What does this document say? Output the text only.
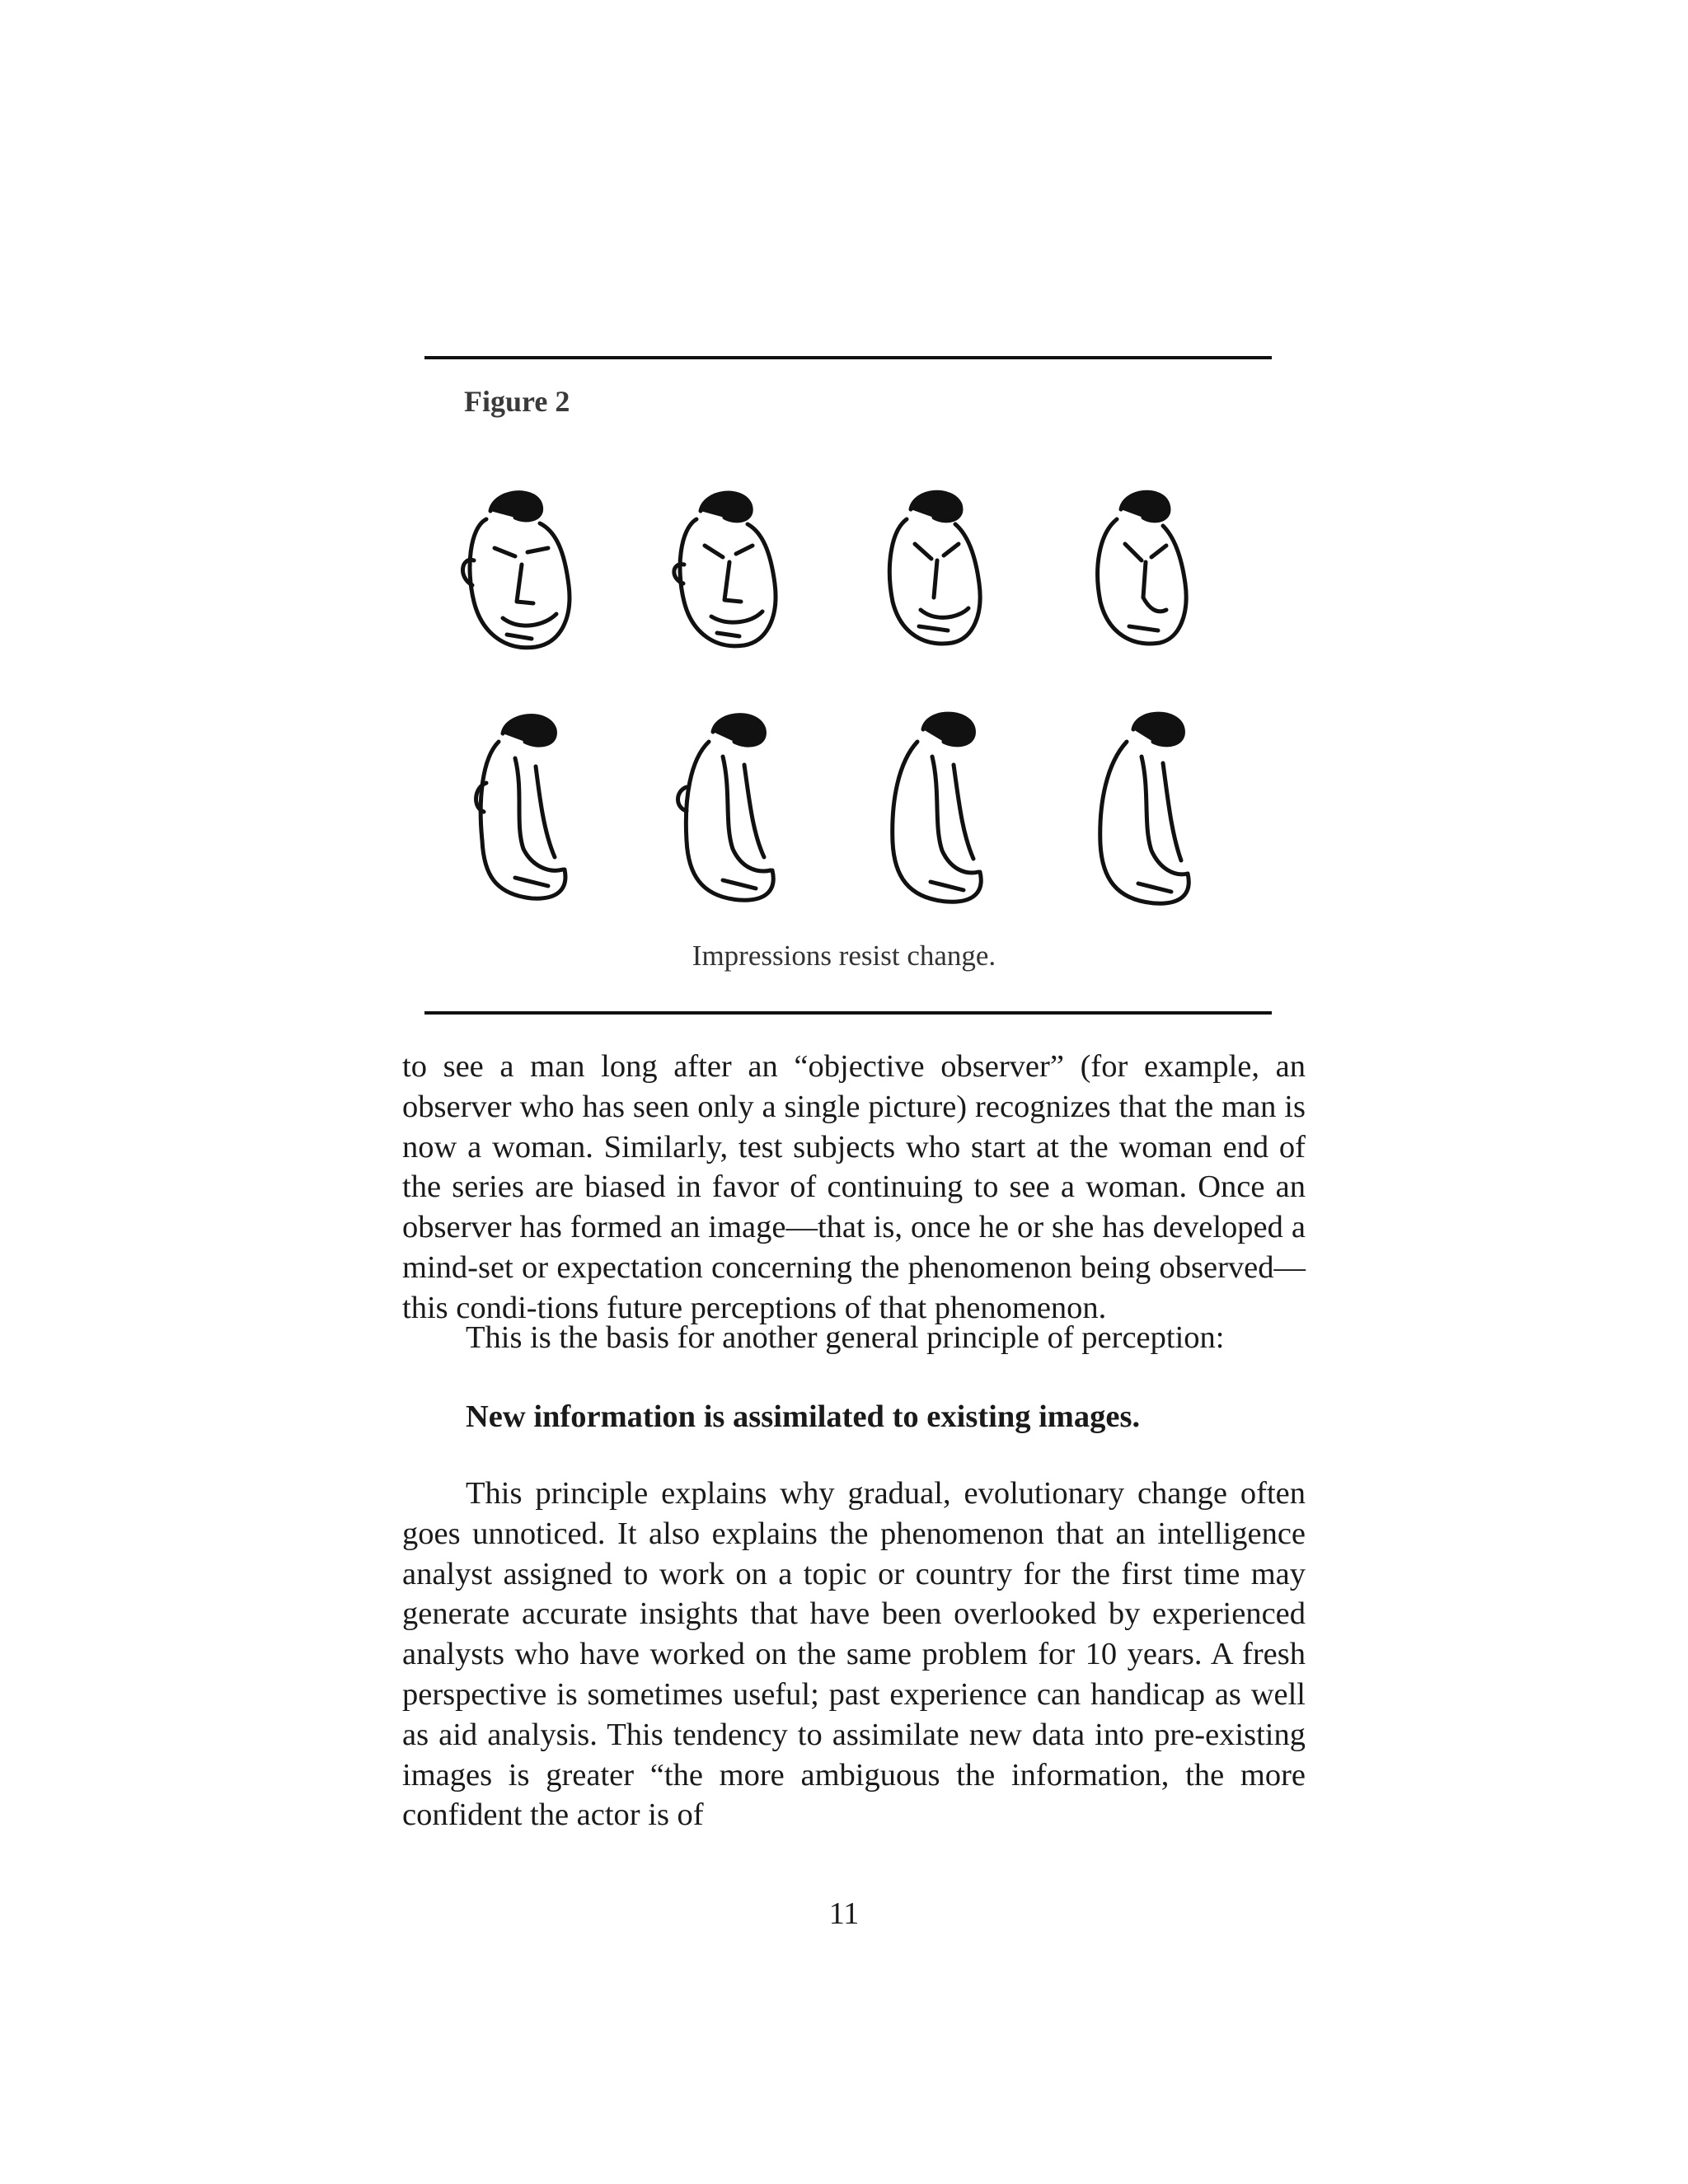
Figure 2
Impressions resist change.

to see a man long after an “objective observer” (for example, an observer who has seen only a single picture) recognizes that the man is now a woman. Similarly, test subjects who start at the woman end of the series are biased in favor of continuing to see a woman. Once an observer has formed an image—that is, once he or she has developed a mind-set or expectation concerning the phenomenon being observed—this condi-tions future perceptions of that phenomenon.

This is the basis for another general principle of perception:

New information is assimilated to existing images.

This principle explains why gradual, evolutionary change often goes unnoticed. It also explains the phenomenon that an intelligence analyst assigned to work on a topic or country for the first time may generate accurate insights that have been overlooked by experienced analysts who have worked on the same problem for 10 years. A fresh perspective is sometimes useful; past experience can handicap as well as aid analysis. This tendency to assimilate new data into pre-existing images is greater “the more ambiguous the information, the more confident the actor is of

11
